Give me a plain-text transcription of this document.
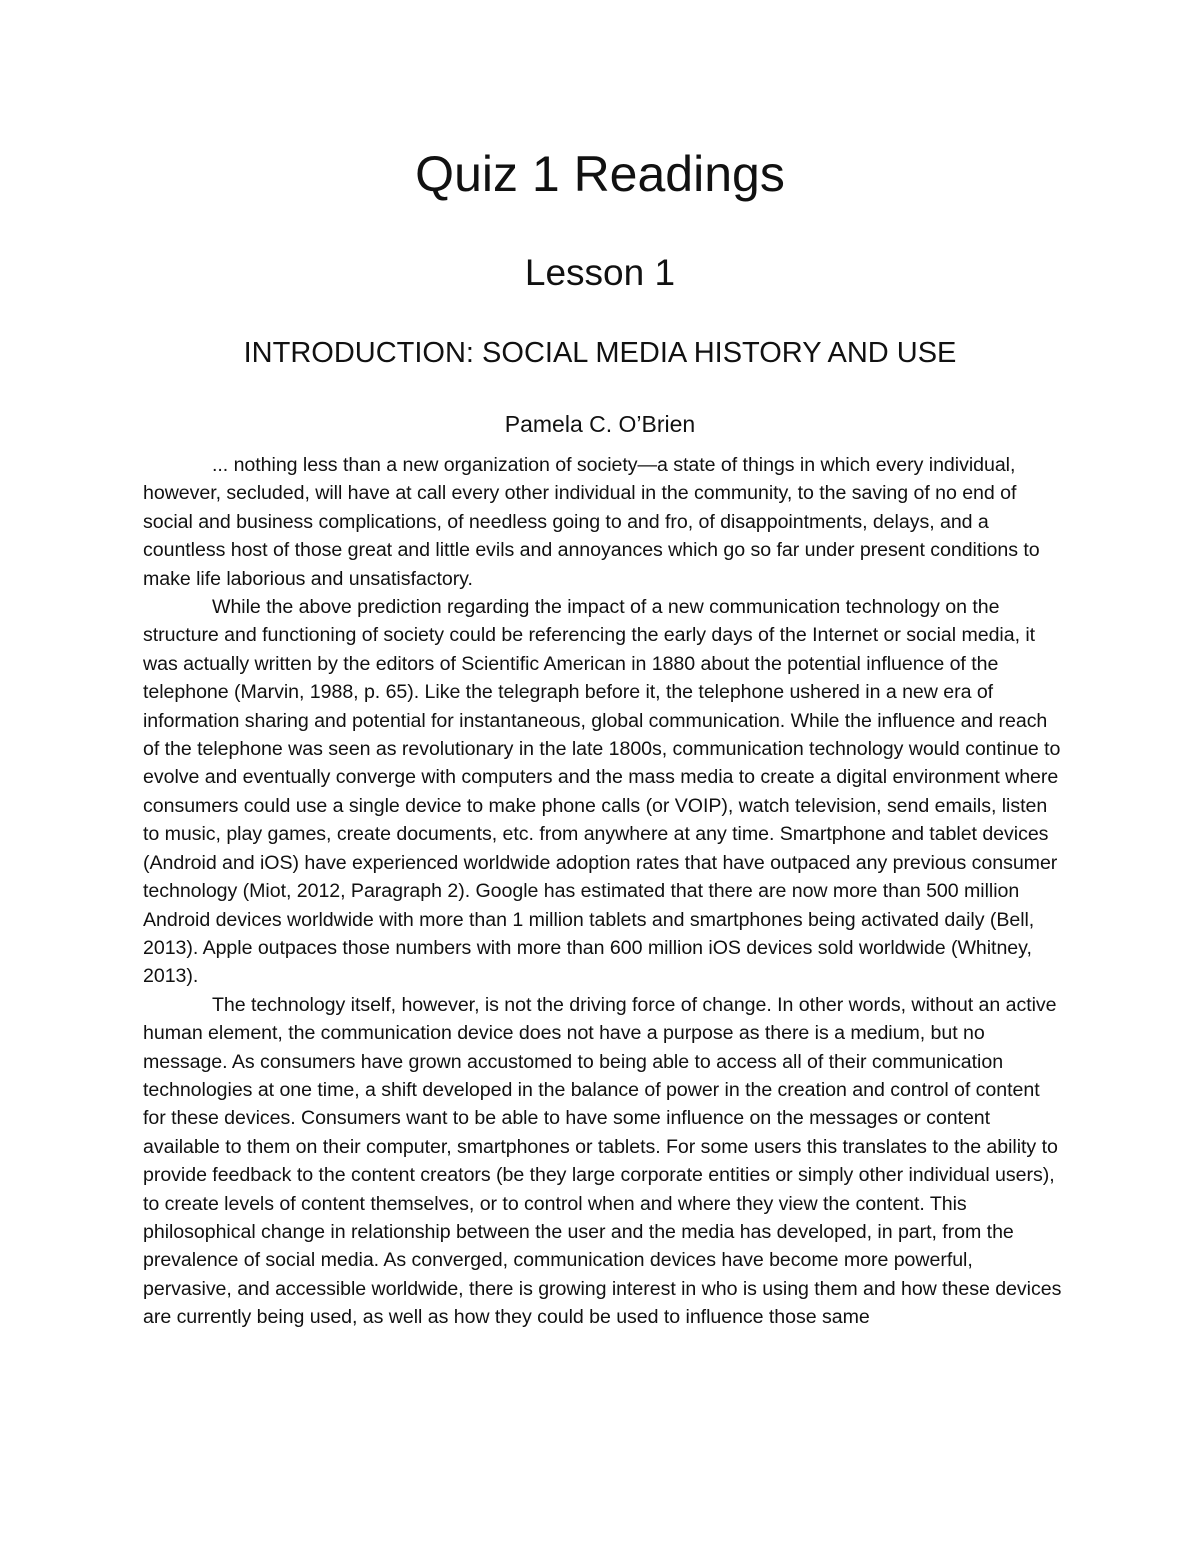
Quiz 1 Readings
Lesson 1
INTRODUCTION: SOCIAL MEDIA HISTORY AND USE
Pamela C. O’Brien

... nothing less than a new organization of society—a state of things in which every individual, however, secluded, will have at call every other individual in the community, to the saving of no end of social and business complications, of needless going to and fro, of disappointments, delays, and a countless host of those great and little evils and annoyances which go so far under present conditions to make life laborious and unsatisfactory.

While the above prediction regarding the impact of a new communication technology on the structure and functioning of society could be referencing the early days of the Internet or social media, it was actually written by the editors of Scientific American in 1880 about the potential influence of the telephone (Marvin, 1988, p. 65). Like the telegraph before it, the telephone ushered in a new era of information sharing and potential for instantaneous, global communication. While the influence and reach of the telephone was seen as revolutionary in the late 1800s, communication technology would continue to evolve and eventually converge with computers and the mass media to create a digital environment where consumers could use a single device to make phone calls (or VOIP), watch television, send emails, listen to music, play games, create documents, etc. from anywhere at any time. Smartphone and tablet devices (Android and iOS) have experienced worldwide adoption rates that have outpaced any previous consumer technology (Miot, 2012, Paragraph 2). Google has estimated that there are now more than 500 million Android devices worldwide with more than 1 million tablets and smartphones being activated daily (Bell, 2013). Apple outpaces those numbers with more than 600 million iOS devices sold worldwide (Whitney, 2013).

The technology itself, however, is not the driving force of change. In other words, without an active human element, the communication device does not have a purpose as there is a medium, but no message. As consumers have grown accustomed to being able to access all of their communication technologies at one time, a shift developed in the balance of power in the creation and control of content for these devices. Consumers want to be able to have some influence on the messages or content available to them on their computer, smartphones or tablets. For some users this translates to the ability to provide feedback to the content creators (be they large corporate entities or simply other individual users), to create levels of content themselves, or to control when and where they view the content. This philosophical change in relationship between the user and the media has developed, in part, from the prevalence of social media. As converged, communication devices have become more powerful, pervasive, and accessible worldwide, there is growing interest in who is using them and how these devices are currently being used, as well as how they could be used to influence those same
